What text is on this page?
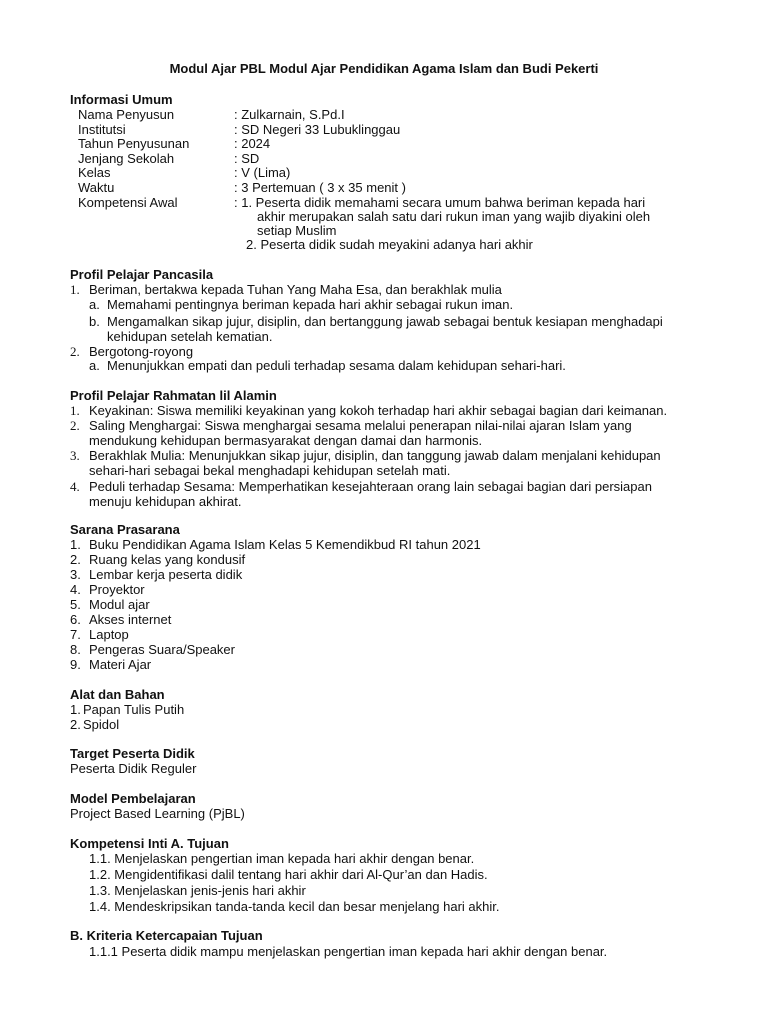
Modul Ajar PBL Modul Ajar Pendidikan Agama Islam dan Budi Pekerti
Informasi Umum
Nama Penyusun	: Zulkarnain, S.Pd.I
Institutsi	: SD Negeri 33 Lubuklinggau
Tahun Penyusunan	: 2024
Jenjang Sekolah	: SD
Kelas	: V (Lima)
Waktu	: 3 Pertemuan ( 3 x 35 menit )
Kompetensi Awal	: 1. Peserta didik memahami secara umum bahwa beriman kepada hari
akhir merupakan salah satu dari rukun iman yang wajib diyakini oleh
setiap Muslim
2. Peserta didik sudah meyakini adanya hari akhir
Profil Pelajar Pancasila
1. Beriman, bertakwa kepada Tuhan Yang Maha Esa, dan berakhlak mulia
a. Memahami pentingnya beriman kepada hari akhir sebagai rukun iman.
b. Mengamalkan sikap jujur, disiplin, dan bertanggung jawab sebagai bentuk kesiapan menghadapi
kehidupan setelah kematian.
2. Bergotong-royong
a. Menunjukkan empati dan peduli terhadap sesama dalam kehidupan sehari-hari.
Profil Pelajar Rahmatan lil Alamin
1. Keyakinan: Siswa memiliki keyakinan yang kokoh terhadap hari akhir sebagai bagian dari keimanan.
2. Saling Menghargai: Siswa menghargai sesama melalui penerapan nilai-nilai ajaran Islam yang
mendukung kehidupan bermasyarakat dengan damai dan harmonis.
3. Berakhlak Mulia: Menunjukkan sikap jujur, disiplin, dan tanggung jawab dalam menjalani kehidupan
sehari-hari sebagai bekal menghadapi kehidupan setelah mati.
4. Peduli terhadap Sesama: Memperhatikan kesejahteraan orang lain sebagai bagian dari persiapan
menuju kehidupan akhirat.
Sarana Prasarana
1. Buku Pendidikan Agama Islam Kelas 5 Kemendikbud RI tahun 2021
2. Ruang kelas yang kondusif
3. Lembar kerja peserta didik
4. Proyektor
5. Modul ajar
6. Akses internet
7. Laptop
8. Pengeras Suara/Speaker
9. Materi Ajar
Alat dan Bahan
1. Papan Tulis Putih
2. Spidol
Target Peserta Didik
Peserta Didik Reguler
Model Pembelajaran
Project Based Learning (PjBL)
Kompetensi Inti A. Tujuan
1.1. Menjelaskan pengertian iman kepada hari akhir dengan benar.
1.2. Mengidentifikasi dalil tentang hari akhir dari Al-Qur’an dan Hadis.
1.3. Menjelaskan jenis-jenis hari akhir
1.4. Mendeskripsikan tanda-tanda kecil dan besar menjelang hari akhir.
B. Kriteria Ketercapaian Tujuan
1.1.1 Peserta didik mampu menjelaskan pengertian iman kepada hari akhir dengan benar.
